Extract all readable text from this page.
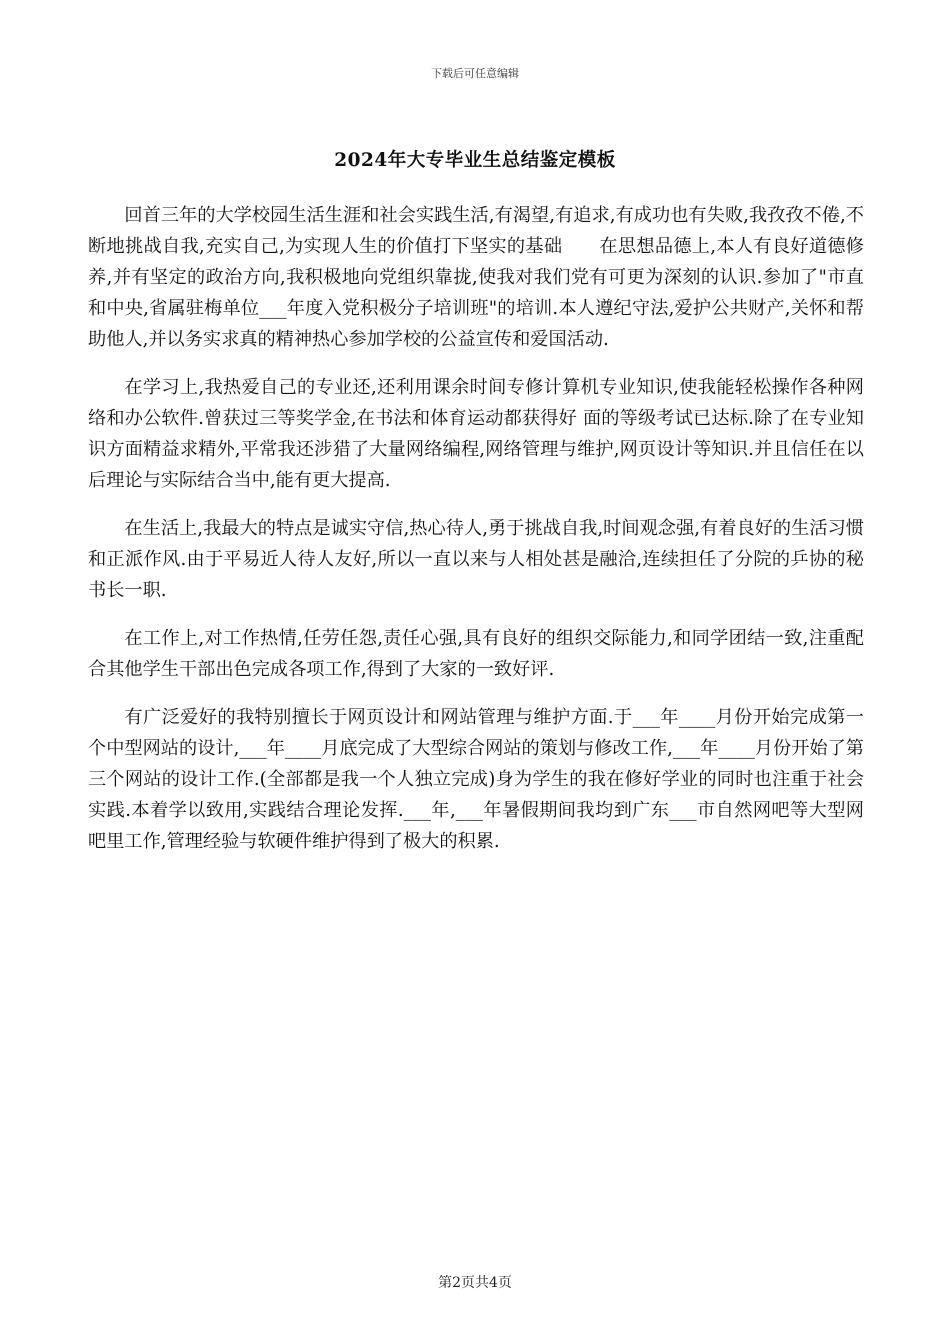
下载后可任意编辑
2024年大专毕业生总结鉴定模板

回首三年的大学校园生活生涯和社会实践生活,有渴望,有追求,有成功也有失败,我孜孜不倦,不断地挑战自我,充实自己,为实现人生的价值打下坚实的基础　　在思想品德上,本人有良好道德修养,并有坚定的政治方向,我积极地向党组织靠拢,使我对我们党有可更为深刻的认识.参加了"市直和中央,省属驻梅单位___年度入党积极分子培训班"的培训.本人遵纪守法,爱护公共财产,关怀和帮助他人,并以务实求真的精神热心参加学校的公益宣传和爱国活动.

在学习上,我热爱自己的专业还,还利用课余时间专修计算机专业知识,使我能轻松操作各种网络和办公软件.曾获过三等奖学金,在书法和体育运动都获得好 面的等级考试已达标.除了在专业知识方面精益求精外,平常我还涉猎了大量网络编程,网络管理与维护,网页设计等知识.并且信任在以后理论与实际结合当中,能有更大提高.

在生活上,我最大的特点是诚实守信,热心待人,勇于挑战自我,时间观念强,有着良好的生活习惯和正派作风.由于平易近人待人友好,所以一直以来与人相处甚是融洽,连续担任了分院的乒协的秘书长一职.

在工作上,对工作热情,任劳任怨,责任心强,具有良好的组织交际能力,和同学团结一致,注重配合其他学生干部出色完成各项工作,得到了大家的一致好评.

有广泛爱好的我特别擅长于网页设计和网站管理与维护方面.于___年____月份开始完成第一个中型网站的设计,___年____月底完成了大型综合网站的策划与修改工作,___年____月份开始了第三个网站的设计工作.(全部都是我一个人独立完成)身为学生的我在修好学业的同时也注重于社会实践.本着学以致用,实践结合理论发挥.___年,___年暑假期间我均到广东___市自然网吧等大型网吧里工作,管理经验与软硬件维护得到了极大的积累.

第2页共4页
